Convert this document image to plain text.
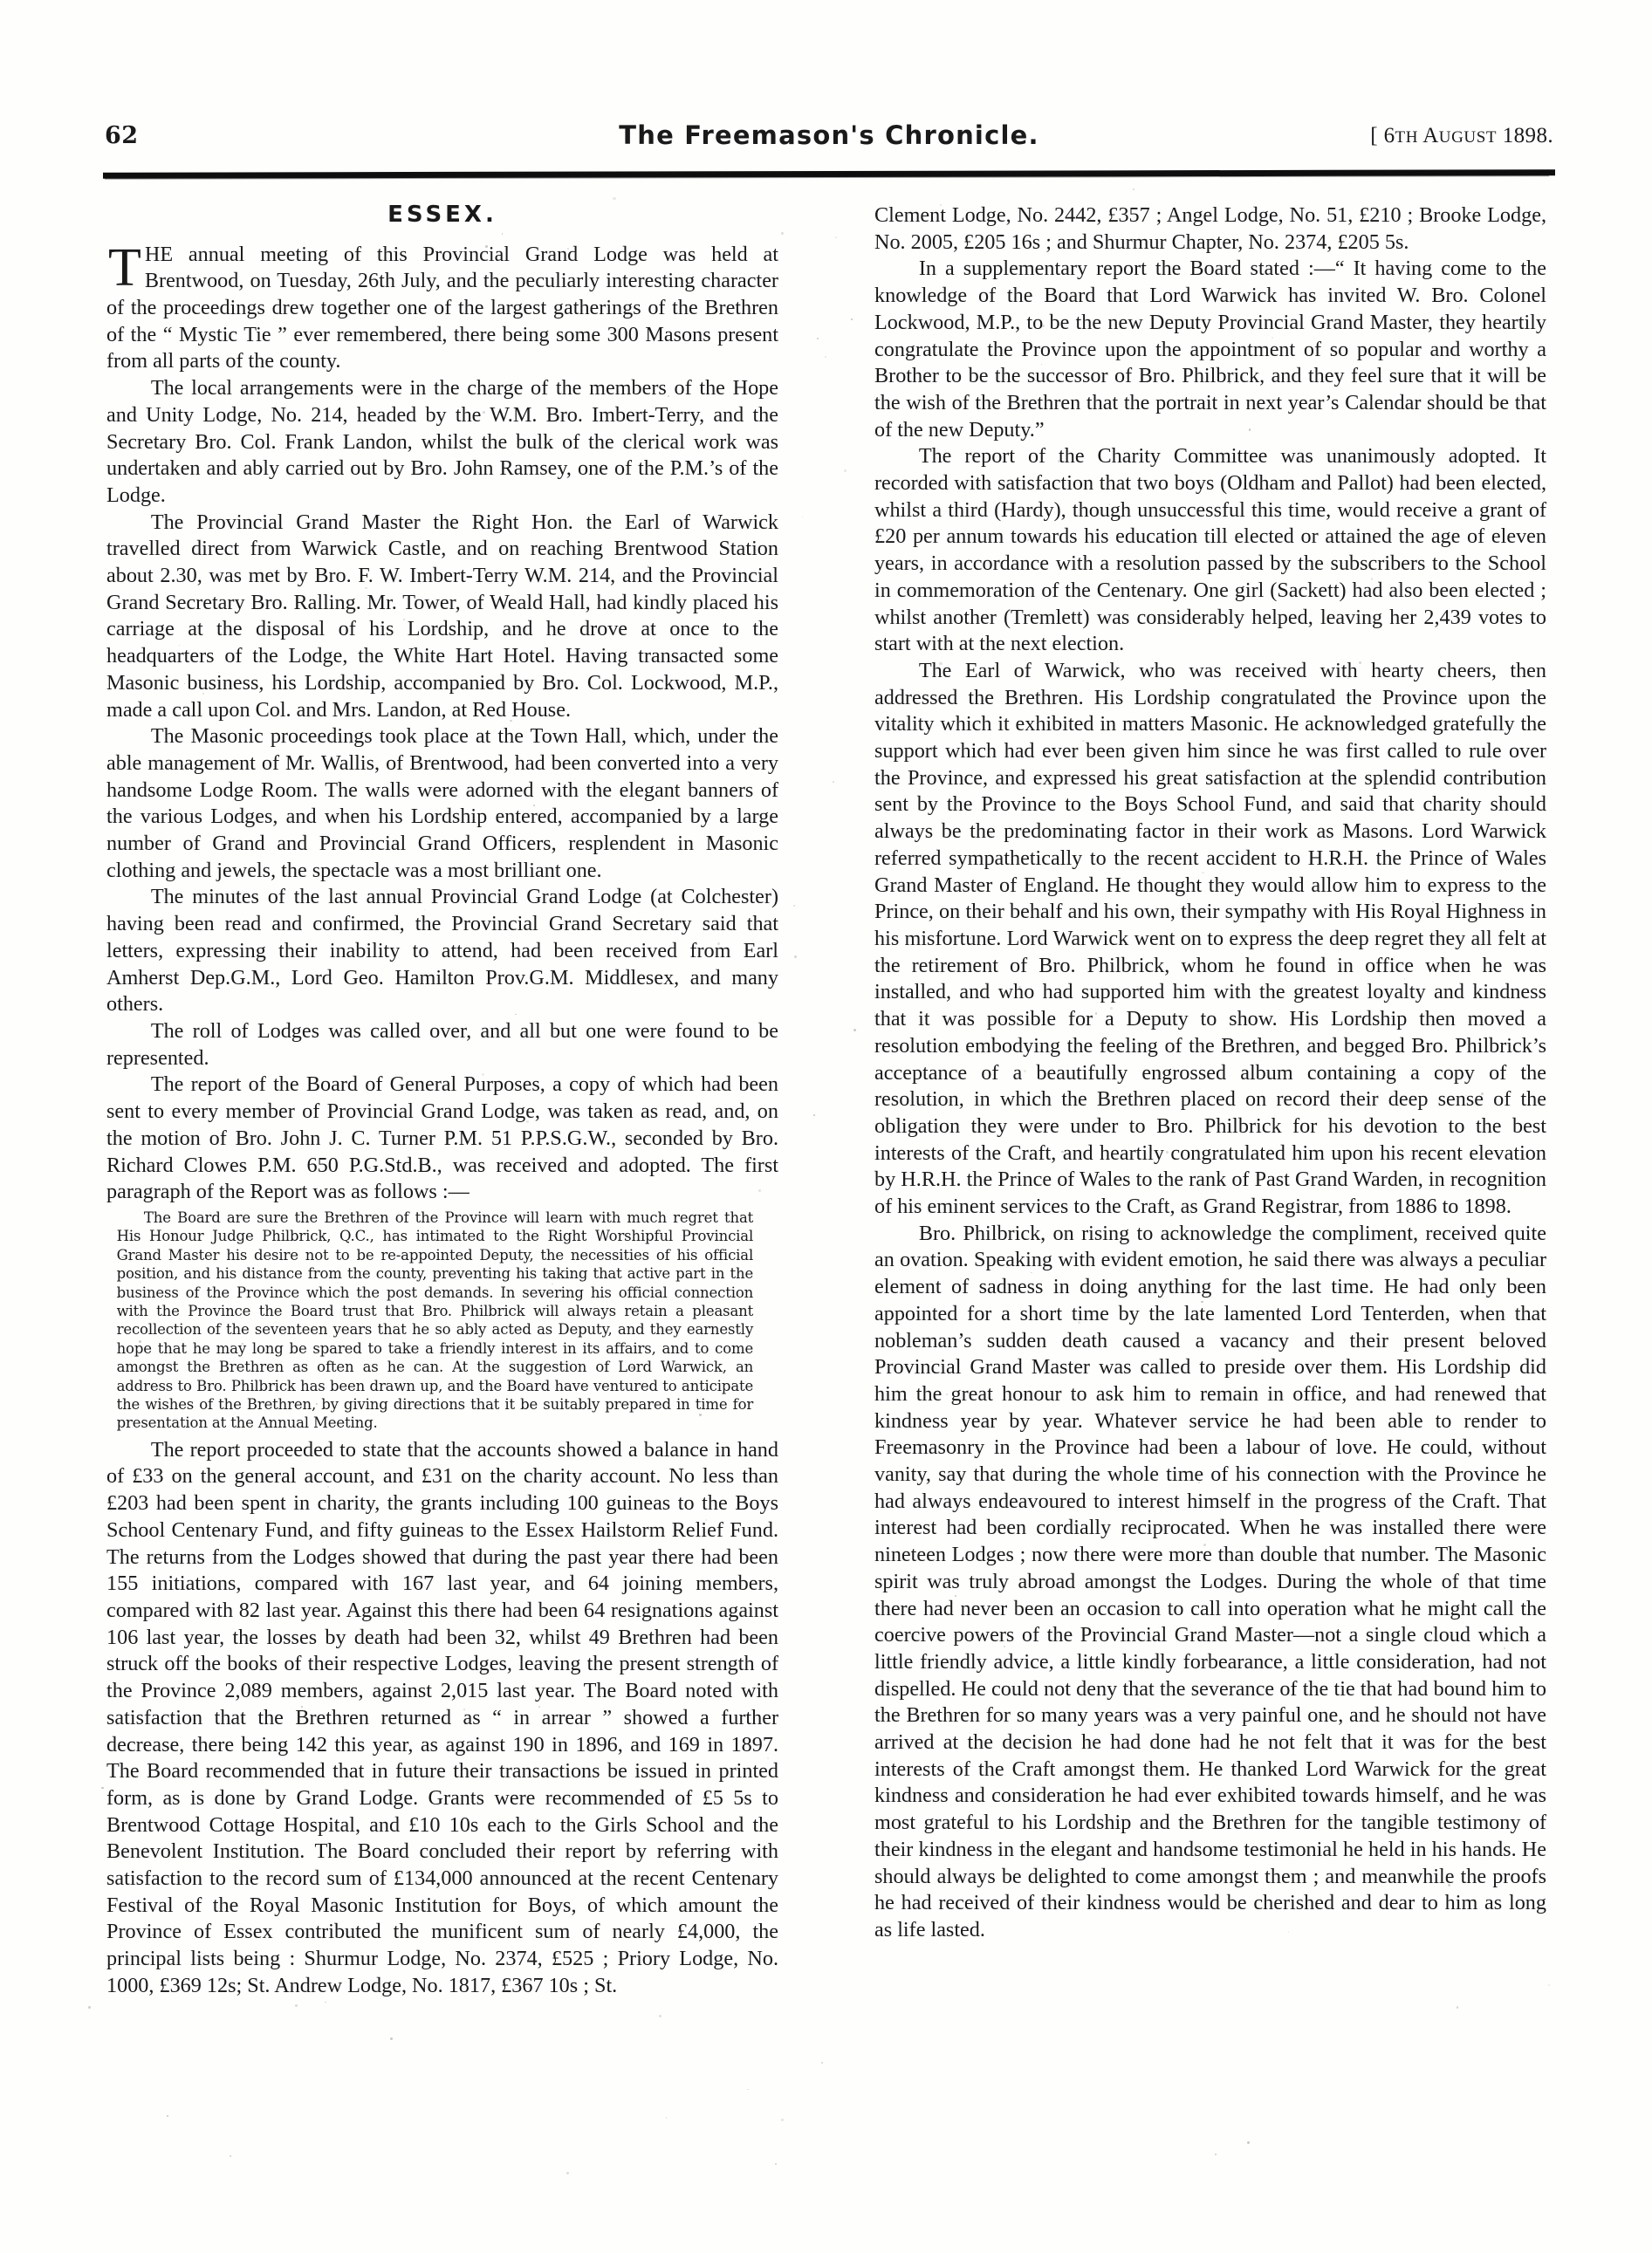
62	The Freemason's Chronicle.	[ 6TH AUGUST 1898.
ESSEX.

THE annual meeting of this Provincial Grand Lodge was held at Brentwood, on Tuesday, 26th July, and the peculiarly interesting character of the proceedings drew together one of the largest gatherings of the Brethren of the “ Mystic Tie ” ever remembered, there being some 300 Masons present from all parts of the county.

The local arrangements were in the charge of the members of the Hope and Unity Lodge, No. 214, headed by the W.M. Bro. Imbert-Terry, and the Secretary Bro. Col. Frank Landon, whilst the bulk of the clerical work was undertaken and ably carried out by Bro. John Ramsey, one of the P.M.’s of the Lodge.

The Provincial Grand Master the Right Hon. the Earl of Warwick travelled direct from Warwick Castle, and on reaching Brentwood Station about 2.30, was met by Bro. F. W. Imbert-Terry W.M. 214, and the Provincial Grand Secretary Bro. Ralling. Mr. Tower, of Weald Hall, had kindly placed his carriage at the disposal of his Lordship, and he drove at once to the headquarters of the Lodge, the White Hart Hotel. Having transacted some Masonic business, his Lordship, accompanied by Bro. Col. Lockwood, M.P., made a call upon Col. and Mrs. Landon, at Red House.

The Masonic proceedings took place at the Town Hall, which, under the able management of Mr. Wallis, of Brentwood, had been converted into a very handsome Lodge Room. The walls were adorned with the elegant banners of the various Lodges, and when his Lordship entered, accompanied by a large number of Grand and Provincial Grand Officers, resplendent in Masonic clothing and jewels, the spectacle was a most brilliant one.

The minutes of the last annual Provincial Grand Lodge (at Colchester) having been read and confirmed, the Provincial Grand Secretary said that letters, expressing their inability to attend, had been received from Earl Amherst Dep.G.M., Lord Geo. Hamilton Prov.G.M. Middlesex, and many others.

The roll of Lodges was called over, and all but one were found to be represented.

The report of the Board of General Purposes, a copy of which had been sent to every member of Provincial Grand Lodge, was taken as read, and, on the motion of Bro. John J. C. Turner P.M. 51 P.P.S.G.W., seconded by Bro. Richard Clowes P.M. 650 P.G.Std.B., was received and adopted. The first paragraph of the Report was as follows :—

The Board are sure the Brethren of the Province will learn with much regret that His Honour Judge Philbrick, Q.C., has intimated to the Right Worshipful Provincial Grand Master his desire not to be re-appointed Deputy, the necessities of his official position, and his distance from the county, preventing his taking that active part in the business of the Province which the post demands. In severing his official connection with the Province the Board trust that Bro. Philbrick will always retain a pleasant recollection of the seventeen years that he so ably acted as Deputy, and they earnestly hope that he may long be spared to take a friendly interest in its affairs, and to come amongst the Brethren as often as he can. At the suggestion of Lord Warwick, an address to Bro. Philbrick has been drawn up, and the Board have ventured to anticipate the wishes of the Brethren, by giving directions that it be suitably prepared in time for presentation at the Annual Meeting.

The report proceeded to state that the accounts showed a balance in hand of £33 on the general account, and £31 on the charity account. No less than £203 had been spent in charity, the grants including 100 guineas to the Boys School Centenary Fund, and fifty guineas to the Essex Hailstorm Relief Fund. The returns from the Lodges showed that during the past year there had been 155 initiations, compared with 167 last year, and 64 joining members, compared with 82 last year. Against this there had been 64 resignations against 106 last year, the losses by death had been 32, whilst 49 Brethren had been struck off the books of their respective Lodges, leaving the present strength of the Province 2,089 members, against 2,015 last year. The Board noted with satisfaction that the Brethren returned as “ in arrear ” showed a further decrease, there being 142 this year, as against 190 in 1896, and 169 in 1897. The Board recommended that in future their transactions be issued in printed form, as is done by Grand Lodge. Grants were recommended of £5 5s to Brentwood Cottage Hospital, and £10 10s each to the Girls School and the Benevolent Institution. The Board concluded their report by referring with satisfaction to the record sum of £134,000 announced at the recent Centenary Festival of the Royal Masonic Institution for Boys, of which amount the Province of Essex contributed the munificent sum of nearly £4,000, the principal lists being : Shurmur Lodge, No. 2374, £525 ; Priory Lodge, No. 1000, £369 12s; St. Andrew Lodge, No. 1817, £367 10s ; St.

Clement Lodge, No. 2442, £357 ; Angel Lodge, No. 51, £210 ; Brooke Lodge, No. 2005, £205 16s ; and Shurmur Chapter, No. 2374, £205 5s.

In a supplementary report the Board stated :—“ It having come to the knowledge of the Board that Lord Warwick has invited W. Bro. Colonel Lockwood, M.P., to be the new Deputy Provincial Grand Master, they heartily congratulate the Province upon the appointment of so popular and worthy a Brother to be the successor of Bro. Philbrick, and they feel sure that it will be the wish of the Brethren that the portrait in next year’s Calendar should be that of the new Deputy.”

The report of the Charity Committee was unanimously adopted. It recorded with satisfaction that two boys (Oldham and Pallot) had been elected, whilst a third (Hardy), though unsuccessful this time, would receive a grant of £20 per annum towards his education till elected or attained the age of eleven years, in accordance with a resolution passed by the subscribers to the School in commemoration of the Centenary. One girl (Sackett) had also been elected ; whilst another (Tremlett) was considerably helped, leaving her 2,439 votes to start with at the next election.

The Earl of Warwick, who was received with hearty cheers, then addressed the Brethren. His Lordship congratulated the Province upon the vitality which it exhibited in matters Masonic. He acknowledged gratefully the support which had ever been given him since he was first called to rule over the Province, and expressed his great satisfaction at the splendid contribution sent by the Province to the Boys School Fund, and said that charity should always be the predominating factor in their work as Masons. Lord Warwick referred sympathetically to the recent accident to H.R.H. the Prince of Wales Grand Master of England. He thought they would allow him to express to the Prince, on their behalf and his own, their sympathy with His Royal Highness in his misfortune. Lord Warwick went on to express the deep regret they all felt at the retirement of Bro. Philbrick, whom he found in office when he was installed, and who had supported him with the greatest loyalty and kindness that it was possible for a Deputy to show. His Lordship then moved a resolution embodying the feeling of the Brethren, and begged Bro. Philbrick’s acceptance of a beautifully engrossed album containing a copy of the resolution, in which the Brethren placed on record their deep sense of the obligation they were under to Bro. Philbrick for his devotion to the best interests of the Craft, and heartily congratulated him upon his recent elevation by H.R.H. the Prince of Wales to the rank of Past Grand Warden, in recognition of his eminent services to the Craft, as Grand Registrar, from 1886 to 1898.

Bro. Philbrick, on rising to acknowledge the compliment, received quite an ovation. Speaking with evident emotion, he said there was always a peculiar element of sadness in doing anything for the last time. He had only been appointed for a short time by the late lamented Lord Tenterden, when that nobleman’s sudden death caused a vacancy and their present beloved Provincial Grand Master was called to preside over them. His Lordship did him the great honour to ask him to remain in office, and had renewed that kindness year by year. Whatever service he had been able to render to Freemasonry in the Province had been a labour of love. He could, without vanity, say that during the whole time of his connection with the Province he had always endeavoured to interest himself in the progress of the Craft. That interest had been cordially reciprocated. When he was installed there were nineteen Lodges ; now there were more than double that number. The Masonic spirit was truly abroad amongst the Lodges. During the whole of that time there had never been an occasion to call into operation what he might call the coercive powers of the Provincial Grand Master—not a single cloud which a little friendly advice, a little kindly forbearance, a little consideration, had not dispelled. He could not deny that the severance of the tie that had bound him to the Brethren for so many years was a very painful one, and he should not have arrived at the decision he had done had he not felt that it was for the best interests of the Craft amongst them. He thanked Lord Warwick for the great kindness and consideration he had ever exhibited towards himself, and he was most grateful to his Lordship and the Brethren for the tangible testimony of their kindness in the elegant and handsome testimonial he held in his hands. He should always be delighted to come amongst them ; and meanwhile the proofs he had received of their kindness would be cherished and dear to him as long as life lasted.
